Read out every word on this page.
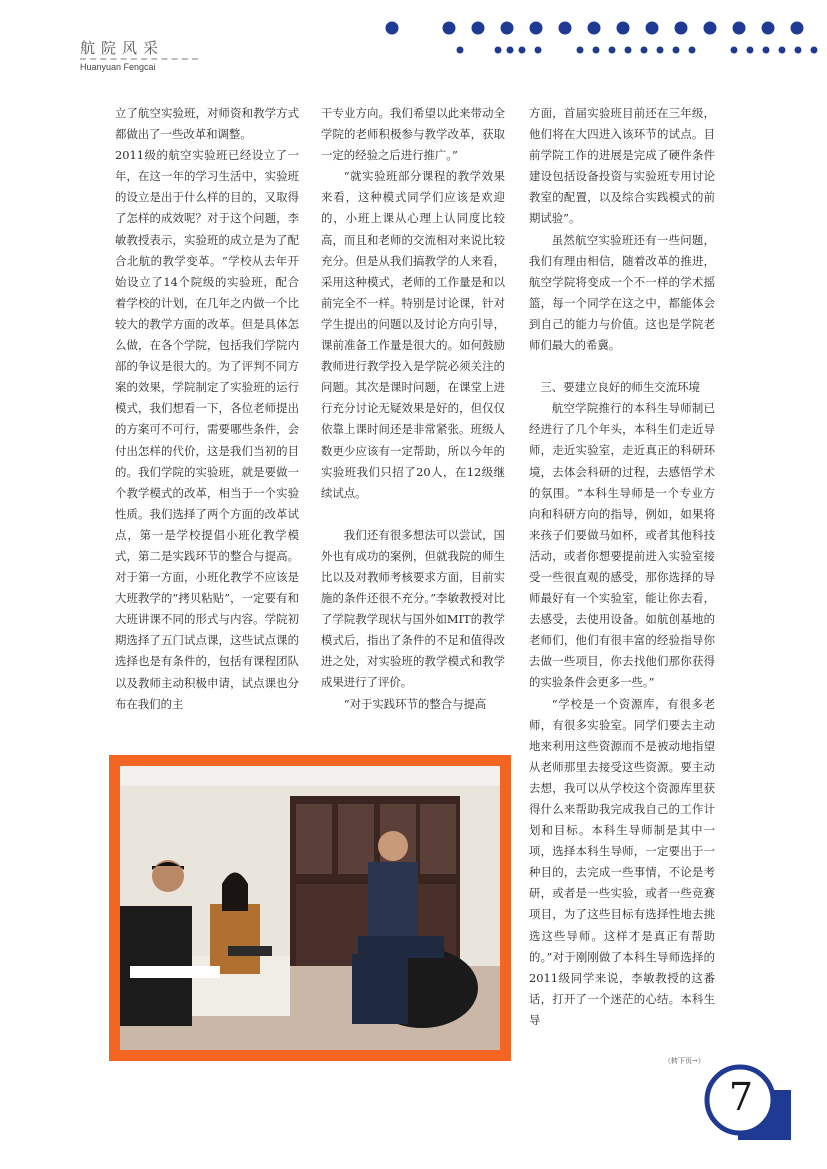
航院风采
Huanyuan Fengcai

立了航空实验班，对师资和教学方式都做出了一些改革和调整。

2011级的航空实验班已经设立了一年，在这一年的学习生活中，实验班的设立是出于什么样的目的，又取得了怎样的成效呢？对于这个问题，李敏教授表示，实验班的成立是为了配合北航的教学变革。“学校从去年开始设立了14个院级的实验班，配合着学校的计划，在几年之内做一个比较大的教学方面的改革。但是具体怎么做，在各个学院，包括我们学院内部的争议是很大的。为了评判不同方案的效果，学院制定了实验班的运行模式，我们想看一下，各位老师提出的方案可不可行，需要哪些条件，会付出怎样的代价，这是我们当初的目的。我们学院的实验班，就是要做一个教学模式的改革，相当于一个实验性质。我们选择了两个方面的改革试点，第一是学校提倡小班化教学模式，第二是实践环节的整合与提高。对于第一方面，小班化教学不应该是大班教学的“拷贝粘贴”，一定要有和大班讲课不同的形式与内容。学院初期选择了五门试点课，这些试点课的选择也是有条件的，包括有课程团队以及教师主动积极申请，试点课也分布在我们的主

干专业方向。我们希望以此来带动全学院的老师积极参与教学改革，获取一定的经验之后进行推广。”

“就实验班部分课程的教学效果来看，这种模式同学们应该是欢迎的，小班上课从心理上认同度比较高，而且和老师的交流相对来说比较充分。但是从我们搞教学的人来看，采用这种模式，老师的工作量是和以前完全不一样。特别是讨论课，针对学生提出的问题以及讨论方向引导，课前准备工作量是很大的。如何鼓励教师进行教学投入是学院必须关注的问题。其次是课时问题，在课堂上进行充分讨论无疑效果是好的，但仅仅依靠上课时间还是非常紧张。班级人数更少应该有一定帮助，所以今年的实验班我们只招了20人，在12级继续试点。

我们还有很多想法可以尝试，国外也有成功的案例，但就我院的师生比以及对教师考核要求方面，目前实施的条件还很不充分。”李敏教授对比了学院教学现状与国外如MIT的教学模式后，指出了条件的不足和值得改进之处，对实验班的教学模式和教学成果进行了评价。

“对于实践环节的整合与提高

方面，首届实验班目前还在三年级，他们将在大四进入该环节的试点。目前学院工作的进展是完成了硬件条件建设包括设备投资与实验班专用讨论教室的配置，以及综合实践模式的前期试验”。

虽然航空实验班还有一些问题，我们有理由相信，随着改革的推进，航空学院将变成一个不一样的学术摇篮，每一个同学在这之中，都能体会到自己的能力与价值。这也是学院老师们最大的希冀。

三、要建立良好的师生交流环境

航空学院推行的本科生导师制已经进行了几个年头，本科生们走近导师，走近实验室，走近真正的科研环境，去体会科研的过程，去感悟学术的氛围。“本科生导师是一个专业方向和科研方向的指导，例如，如果将来孩子们要做马如杯，或者其他科技活动，或者你想要提前进入实验室接受一些很直观的感受，那你选择的导师最好有一个实验室，能让你去看，去感受，去使用设备。如航创基地的老师们，他们有很丰富的经验指导你去做一些项目，你去找他们那你获得的实验条件会更多一些。”

“学校是一个资源库，有很多老师，有很多实验室。同学们要去主动地来利用这些资源而不是被动地指望从老师那里去接受这些资源。要主动去想，我可以从学校这个资源库里获得什么来帮助我完成我自己的工作计划和目标。本科生导师制是其中一项，选择本科生导师，一定要出于一种目的，去完成一些事情，不论是考研，或者是一些实验，或者一些竞赛项目，为了这些目标有选择性地去挑选这些导师。这样才是真正有帮助的。”对于刚刚做了本科生导师选择的2011级同学来说，李敏教授的这番话，打开了一个迷茫的心结。本科生导

（转下页→）
7
